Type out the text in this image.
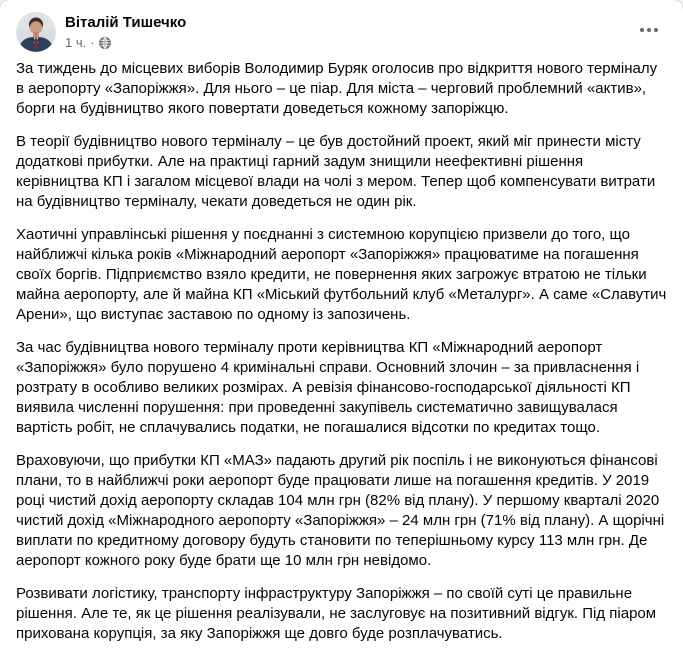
Віталій Тишечко
1 ч. ·

За тиждень до місцевих виборів Володимир Буряк оголосив про відкриття нового терміналу в аеропорту «Запоріжжя». Для нього – це піар. Для міста – черговий проблемний «актив», борги на будівництво якого повертати доведеться кожному запоріжцю.

В теорії будівництво нового терміналу – це був достойний проект, який міг принести місту додаткові прибутки. Але на практиці гарний задум знищили неефективні рішення керівництва КП і загалом місцевої влади на чолі з мером. Тепер щоб компенсувати витрати на будівництво терміналу, чекати доведеться не один рік.

Хаотичні управлінські рішення у поєднанні з системною корупцією призвели до того, що найближчі кілька років «Міжнародний аеропорт «Запоріжжя» працюватиме на погашення своїх боргів. Підприємство взяло кредити, не повернення яких загрожує втратою не тільки майна аеропорту, але й майна КП «Міський футбольний клуб «Металург». А саме «Славутич Арени», що виступає заставою по одному із запозичень.

За час будівництва нового терміналу проти керівництва КП «Міжнародний аеропорт «Запоріжжя» було порушено 4 кримінальні справи. Основний злочин – за привласнення і розтрату в особливо великих розмірах. А ревізія фінансово-господарської діяльності КП виявила численні порушення: при проведенні закупівель систематично завищувалася вартість робіт, не сплачувались податки, не погашалися відсотки по кредитах тощо.

Враховуючи, що прибутки КП «МАЗ» падають другий рік поспіль і не виконуються фінансові плани, то в найближчі роки аеропорт буде працювати лише на погашення кредитів. У 2019 році чистий дохід аеропорту складав 104 млн грн (82% від плану). У першому кварталі 2020 чистий дохід «Міжнародного аеропорту «Запоріжжя» – 24 млн грн (71% від плану). А щорічні виплати по кредитному договору будуть становити по теперішньому курсу 113 млн грн. Де аеропорт кожного року буде брати ще 10 млн грн невідомо.

Розвивати логістику, транспорту інфраструктуру Запоріжжя – по своїй суті це правильне рішення. Але те, як це рішення реалізували, не заслуговує на позитивний відгук. Під піаром прихована корупція, за яку Запоріжжя ще довго буде розплачуватись.
